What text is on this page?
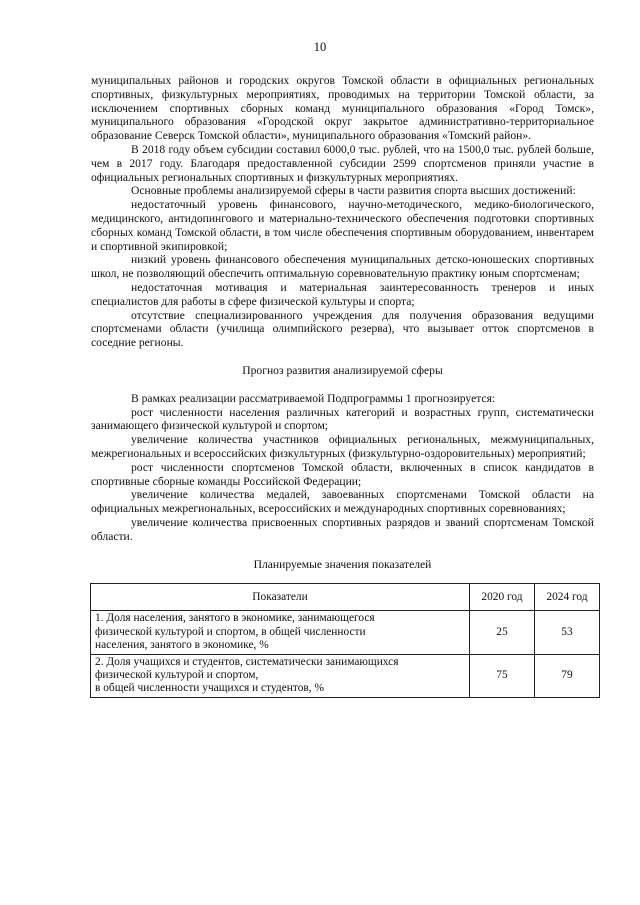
10

муниципальных районов и городских округов Томской области в официальных региональных спортивных, физкультурных мероприятиях, проводимых на территории Томской области, за исключением спортивных сборных команд муниципального образования «Город Томск», муниципального образования «Городской округ закрытое административно-территориальное образование Северск Томской области», муниципального образования «Томский район».

В 2018 году объем субсидии составил 6000,0 тыс. рублей, что на 1500,0 тыс. рублей больше, чем в 2017 году. Благодаря предоставленной субсидии 2599 спортсменов приняли участие в официальных региональных спортивных и физкультурных мероприятиях.

Основные проблемы анализируемой сферы в части развития спорта высших достижений:

недостаточный уровень финансового, научно-методического, медико-биологического, медицинского, антидопингового и материально-технического обеспечения подготовки спортивных сборных команд Томской области, в том числе обеспечения спортивным оборудованием, инвентарем и спортивной экипировкой;

низкий уровень финансового обеспечения муниципальных детско-юношеских спортивных школ, не позволяющий обеспечить оптимальную соревновательную практику юным спортсменам;

недостаточная мотивация и материальная заинтересованность тренеров и иных специалистов для работы в сфере физической культуры и спорта;

отсутствие специализированного учреждения для получения образования ведущими спортсменами области (училища олимпийского резерва), что вызывает отток спортсменов в соседние регионы.

Прогноз развития анализируемой сферы

В рамках реализации рассматриваемой Подпрограммы 1 прогнозируется:

рост численности населения различных категорий и возрастных групп, систематически занимающего физической культурой и спортом;

увеличение количества участников официальных региональных, межмуниципальных, межрегиональных и всероссийских физкультурных (физкультурно-оздоровительных) мероприятий;

рост численности спортсменов Томской области, включенных в список кандидатов в спортивные сборные команды Российской Федерации;

увеличение количества медалей, завоеванных спортсменами Томской области на официальных межрегиональных, всероссийских и международных спортивных соревнованиях;

увеличение количества присвоенных спортивных разрядов и званий спортсменам Томской области.

Планируемые значения показателей

Показатели	2020 год	2024 год

1. Доля населения, занятого в экономике, занимающегося
физической культурой и спортом, в общей численности
населения, занятого в экономике, %	25	53

2. Доля учащихся и студентов, систематически занимающихся
физической культурой и спортом,
в общей численности учащихся и студентов, %	75	79
